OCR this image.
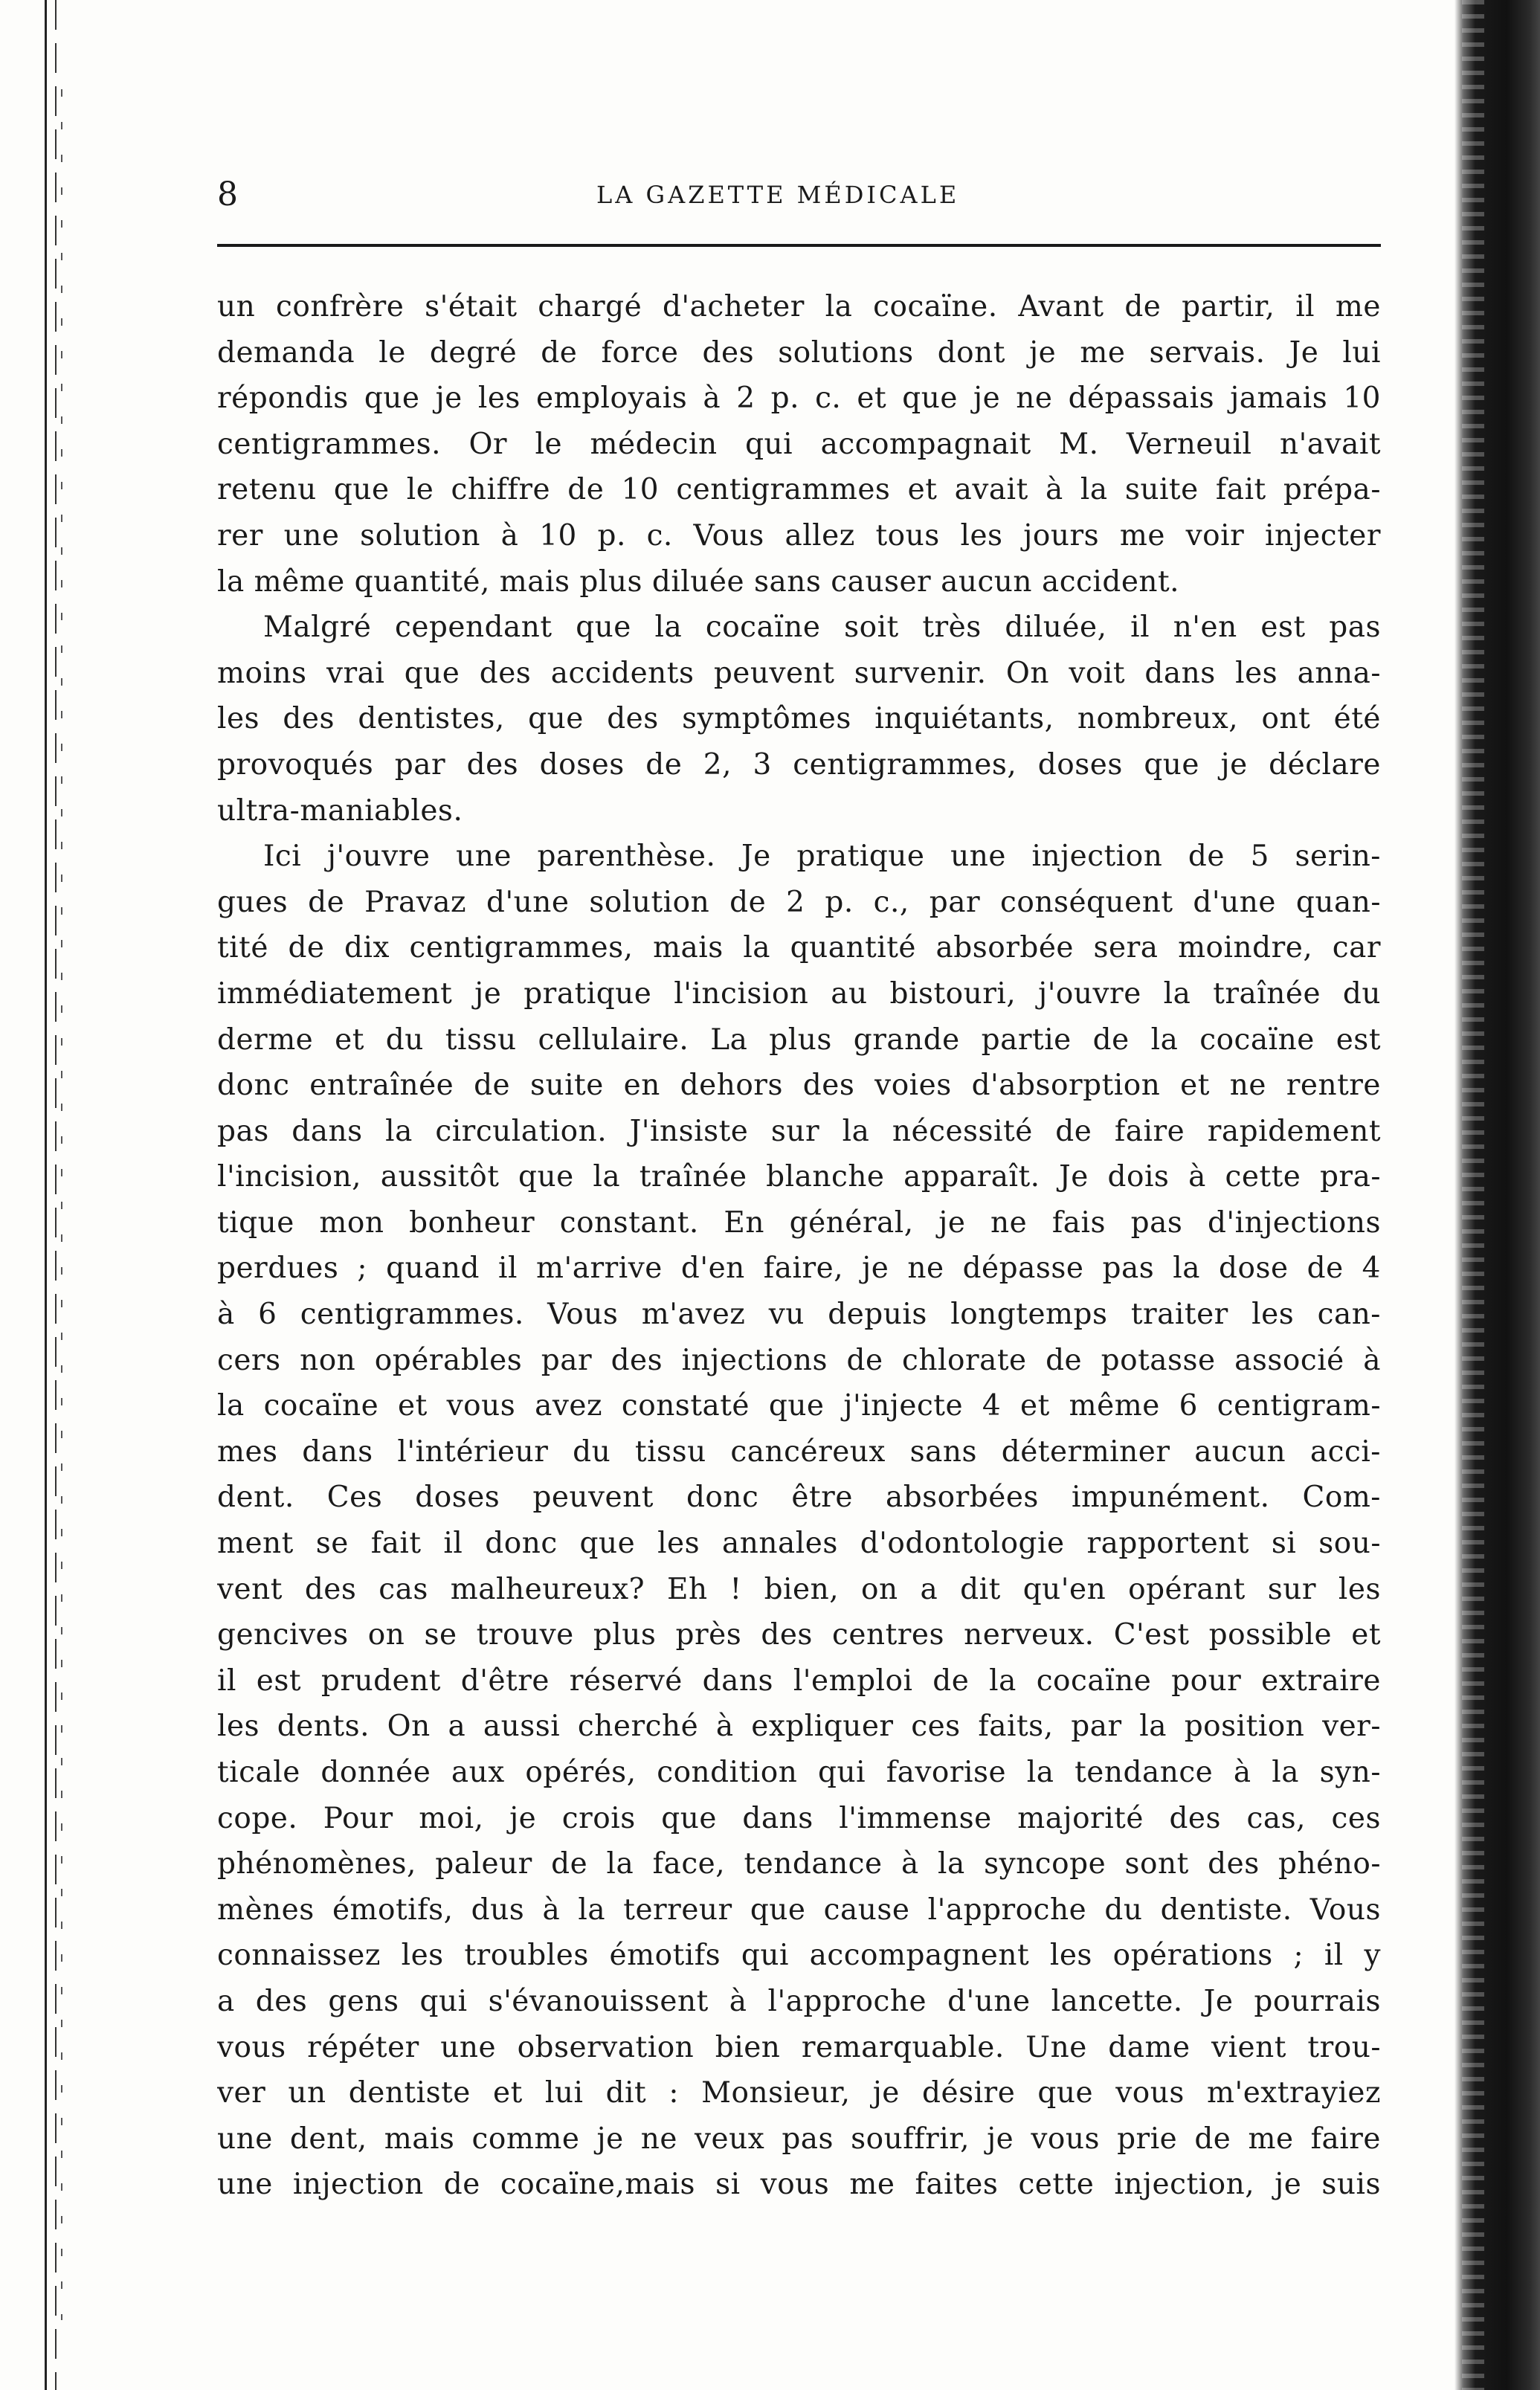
8	LA GAZETTE MÉDICALE
un confrère s'était chargé d'acheter la cocaïne. Avant de partir, il me
demanda le degré de force des solutions dont je me servais. Je lui
répondis que je les employais à 2 p. c. et que je ne dépassais jamais 10
centigrammes. Or le médecin qui accompagnait M. Verneuil n'avait
retenu que le chiffre de 10 centigrammes et avait à la suite fait prépa-
rer une solution à 10 p. c. Vous allez tous les jours me voir injecter
la même quantité, mais plus diluée sans causer aucun accident.
Malgré cependant que la cocaïne soit très diluée, il n'en est pas
moins vrai que des accidents peuvent survenir. On voit dans les anna-
les des dentistes, que des symptômes inquiétants, nombreux, ont été
provoqués par des doses de 2, 3 centigrammes, doses que je déclare
ultra-maniables.
Ici j'ouvre une parenthèse. Je pratique une injection de 5 serin-
gues de Pravaz d'une solution de 2 p. c., par conséquent d'une quan-
tité de dix centigrammes, mais la quantité absorbée sera moindre, car
immédiatement je pratique l'incision au bistouri, j'ouvre la traînée du
derme et du tissu cellulaire. La plus grande partie de la cocaïne est
donc entraînée de suite en dehors des voies d'absorption et ne rentre
pas dans la circulation. J'insiste sur la nécessité de faire rapidement
l'incision, aussitôt que la traînée blanche apparaît. Je dois à cette pra-
tique mon bonheur constant. En général, je ne fais pas d'injections
perdues ; quand il m'arrive d'en faire, je ne dépasse pas la dose de 4
à 6 centigrammes. Vous m'avez vu depuis longtemps traiter les can-
cers non opérables par des injections de chlorate de potasse associé à
la cocaïne et vous avez constaté que j'injecte 4 et même 6 centigram-
mes dans l'intérieur du tissu cancéreux sans déterminer aucun acci-
dent. Ces doses peuvent donc être absorbées impunément. Com-
ment se fait il donc que les annales d'odontologie rapportent si sou-
vent des cas malheureux? Eh ! bien, on a dit qu'en opérant sur les
gencives on se trouve plus près des centres nerveux. C'est possible et
il est prudent d'être réservé dans l'emploi de la cocaïne pour extraire
les dents. On a aussi cherché à expliquer ces faits, par la position ver-
ticale donnée aux opérés, condition qui favorise la tendance à la syn-
cope. Pour moi, je crois que dans l'immense majorité des cas, ces
phénomènes, paleur de la face, tendance à la syncope sont des phéno-
mènes émotifs, dus à la terreur que cause l'approche du dentiste. Vous
connaissez les troubles émotifs qui accompagnent les opérations ; il y
a des gens qui s'évanouissent à l'approche d'une lancette. Je pourrais
vous répéter une observation bien remarquable. Une dame vient trou-
ver un dentiste et lui dit : Monsieur, je désire que vous m'extrayiez
une dent, mais comme je ne veux pas souffrir, je vous prie de me faire
une injection de cocaïne,mais si vous me faites cette injection, je suis
